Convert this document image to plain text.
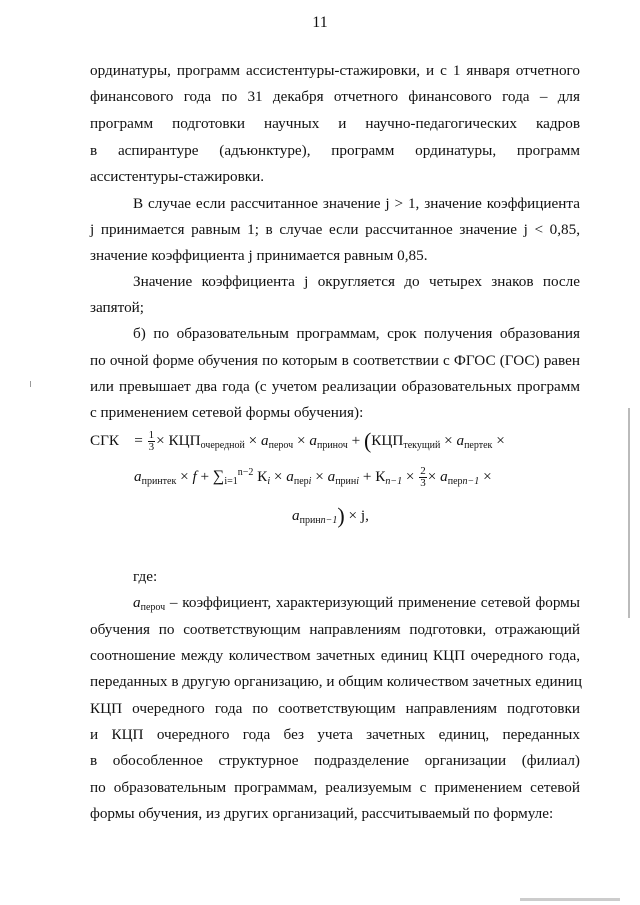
11
ординатуры, программ ассистентуры-стажировки, и с 1 января отчетного
финансового года по 31 декабря отчетного финансового года – для
программ подготовки научных и научно-педагогических кадров
в аспирантуре (адъюнктуре), программ ординатуры, программ
ассистентуры-стажировки.
В случае если рассчитанное значение j > 1, значение коэффициента
j принимается равным 1; в случае если рассчитанное значение j < 0,85,
значение коэффициента j принимается равным 0,85.
Значение коэффициента j округляется до четырех знаков после
запятой;
б) по образовательным программам, срок получения образования
по очной форме обучения по которым в соответствии с ФГОС (ГОС) равен
или превышает два года (с учетом реализации образовательных программ
с применением сетевой формы обучения):
СГК = $\frac{1}{3} \times КЦП_{очередной} \times a_{пероч} \times a_{приноч} + (КЦП_{текущий} \times a_{пертек}$ ×
$a_{принтек} \times f + \sum_{i=1}^{n-2}$ $К_i \times a_{перi} \times a_{принi} + К_{n-1} \times \frac{2}{3} \times a_{перn-1}$ ×
$a_{принn-1}) \times j$,
где:
$a_{пероч}$ – коэффициент, характеризующий применение сетевой формы
обучения по соответствующим направлениям подготовки, отражающий
соотношение между количеством зачетных единиц КЦП очередного года,
переданных в другую организацию, и общим количеством зачетных единиц
КЦП очередного года по соответствующим направлениям подготовки
и КЦП очередного года без учета зачетных единиц, переданных
в обособленное структурное подразделение организации (филиал)
по образовательным программам, реализуемым с применением сетевой
формы обучения, из других организаций, рассчитываемый по формуле:
